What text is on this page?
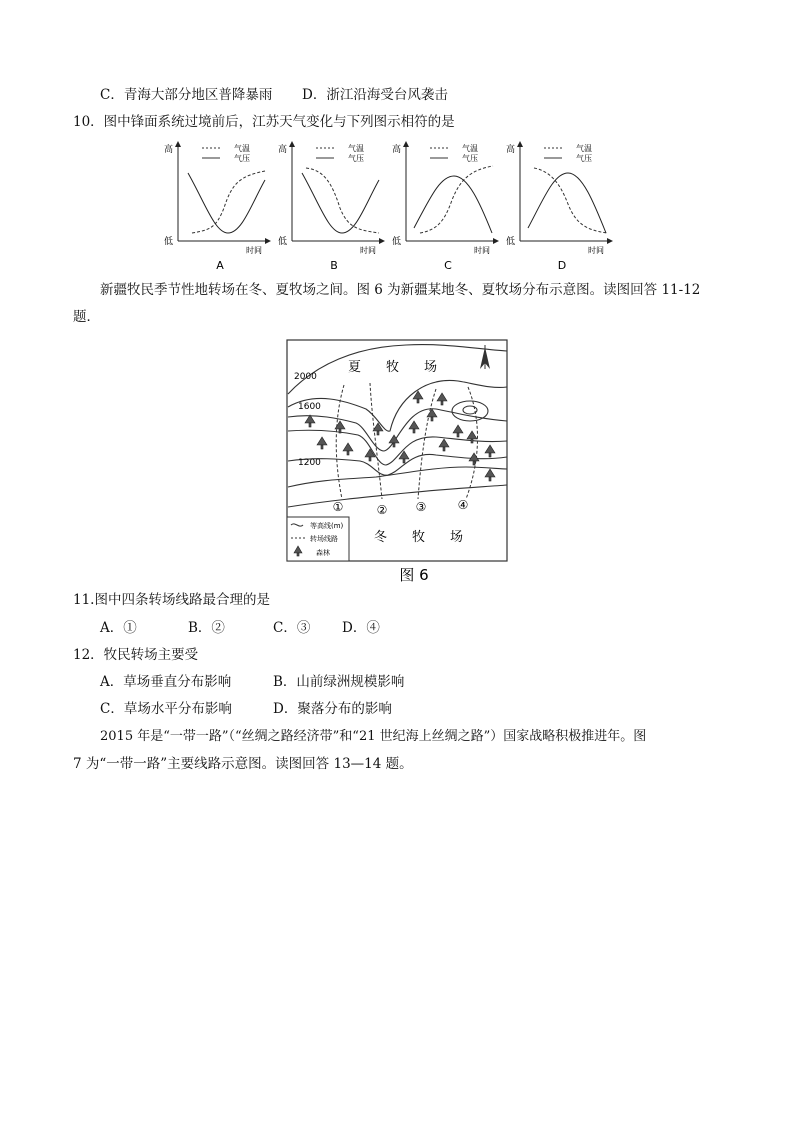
C．青海大部分地区普降暴雨 D．浙江沿海受台风袭击
10．图中锋面系统过境前后，江苏天气变化与下列图示相符的是
高
低
时间
气温
气压
A
高
低
时间
气温
气压
B
高
低
时间
气温
气压
C
高
低
时间
气温
气压
D
新疆牧民季节性地转场在冬、夏牧场之间。图 6 为新疆某地冬、夏牧场分布示意图。读图回答 11-12
题．
夏 牧 场
2000
1600
1200
①	② ③	④
等高线(m)
转场线路
森林
冬 牧 场
图 6
11.图中四条转场线路最合理的是
A．①	B．②	C．③ D．④
12．牧民转场主要受
A．草场垂直分布影响	B．山前绿洲规模影响
C．草场水平分布影响	D．聚落分布的影响
2015 年是“一带一路”（“丝绸之路经济带”和“21 世纪海上丝绸之路”）国家战略积极推进年。图
7 为“一带一路”主要线路示意图。读图回答 13—14 题。
